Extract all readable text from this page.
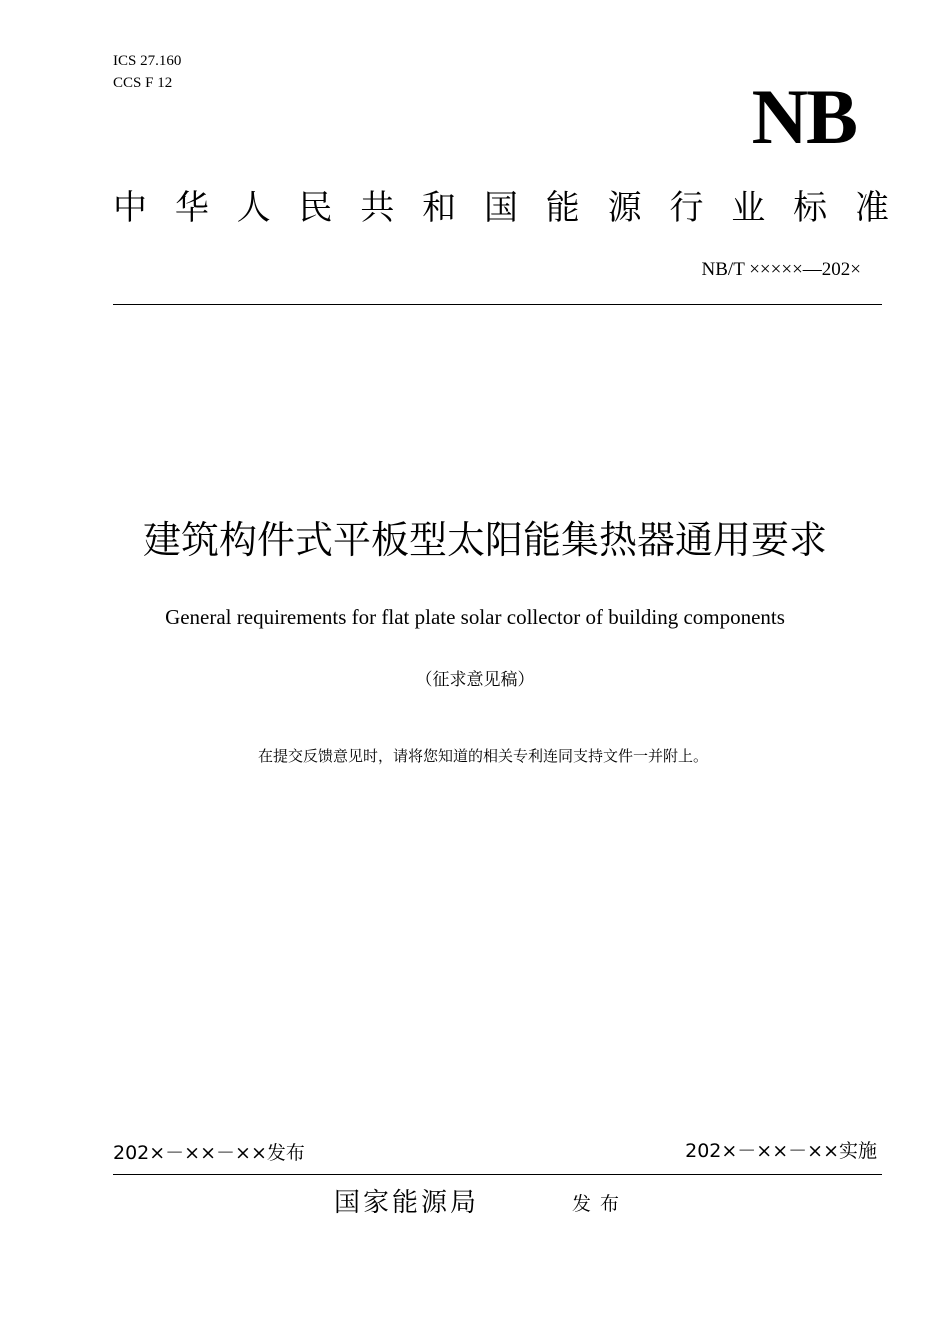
ICS 27.160
CCS F 12	NB
中 华 人 民 共 和 国 能 源 行 业 标 准
NB/T ×××××—202×
建筑构件式平板型太阳能集热器通用要求
General requirements for flat plate solar collector of building components
（征求意见稿）
在提交反馈意见时，请将您知道的相关专利连同支持文件一并附上。
202×－××－××发布	202×－××－××实施
国家能源局	发布
